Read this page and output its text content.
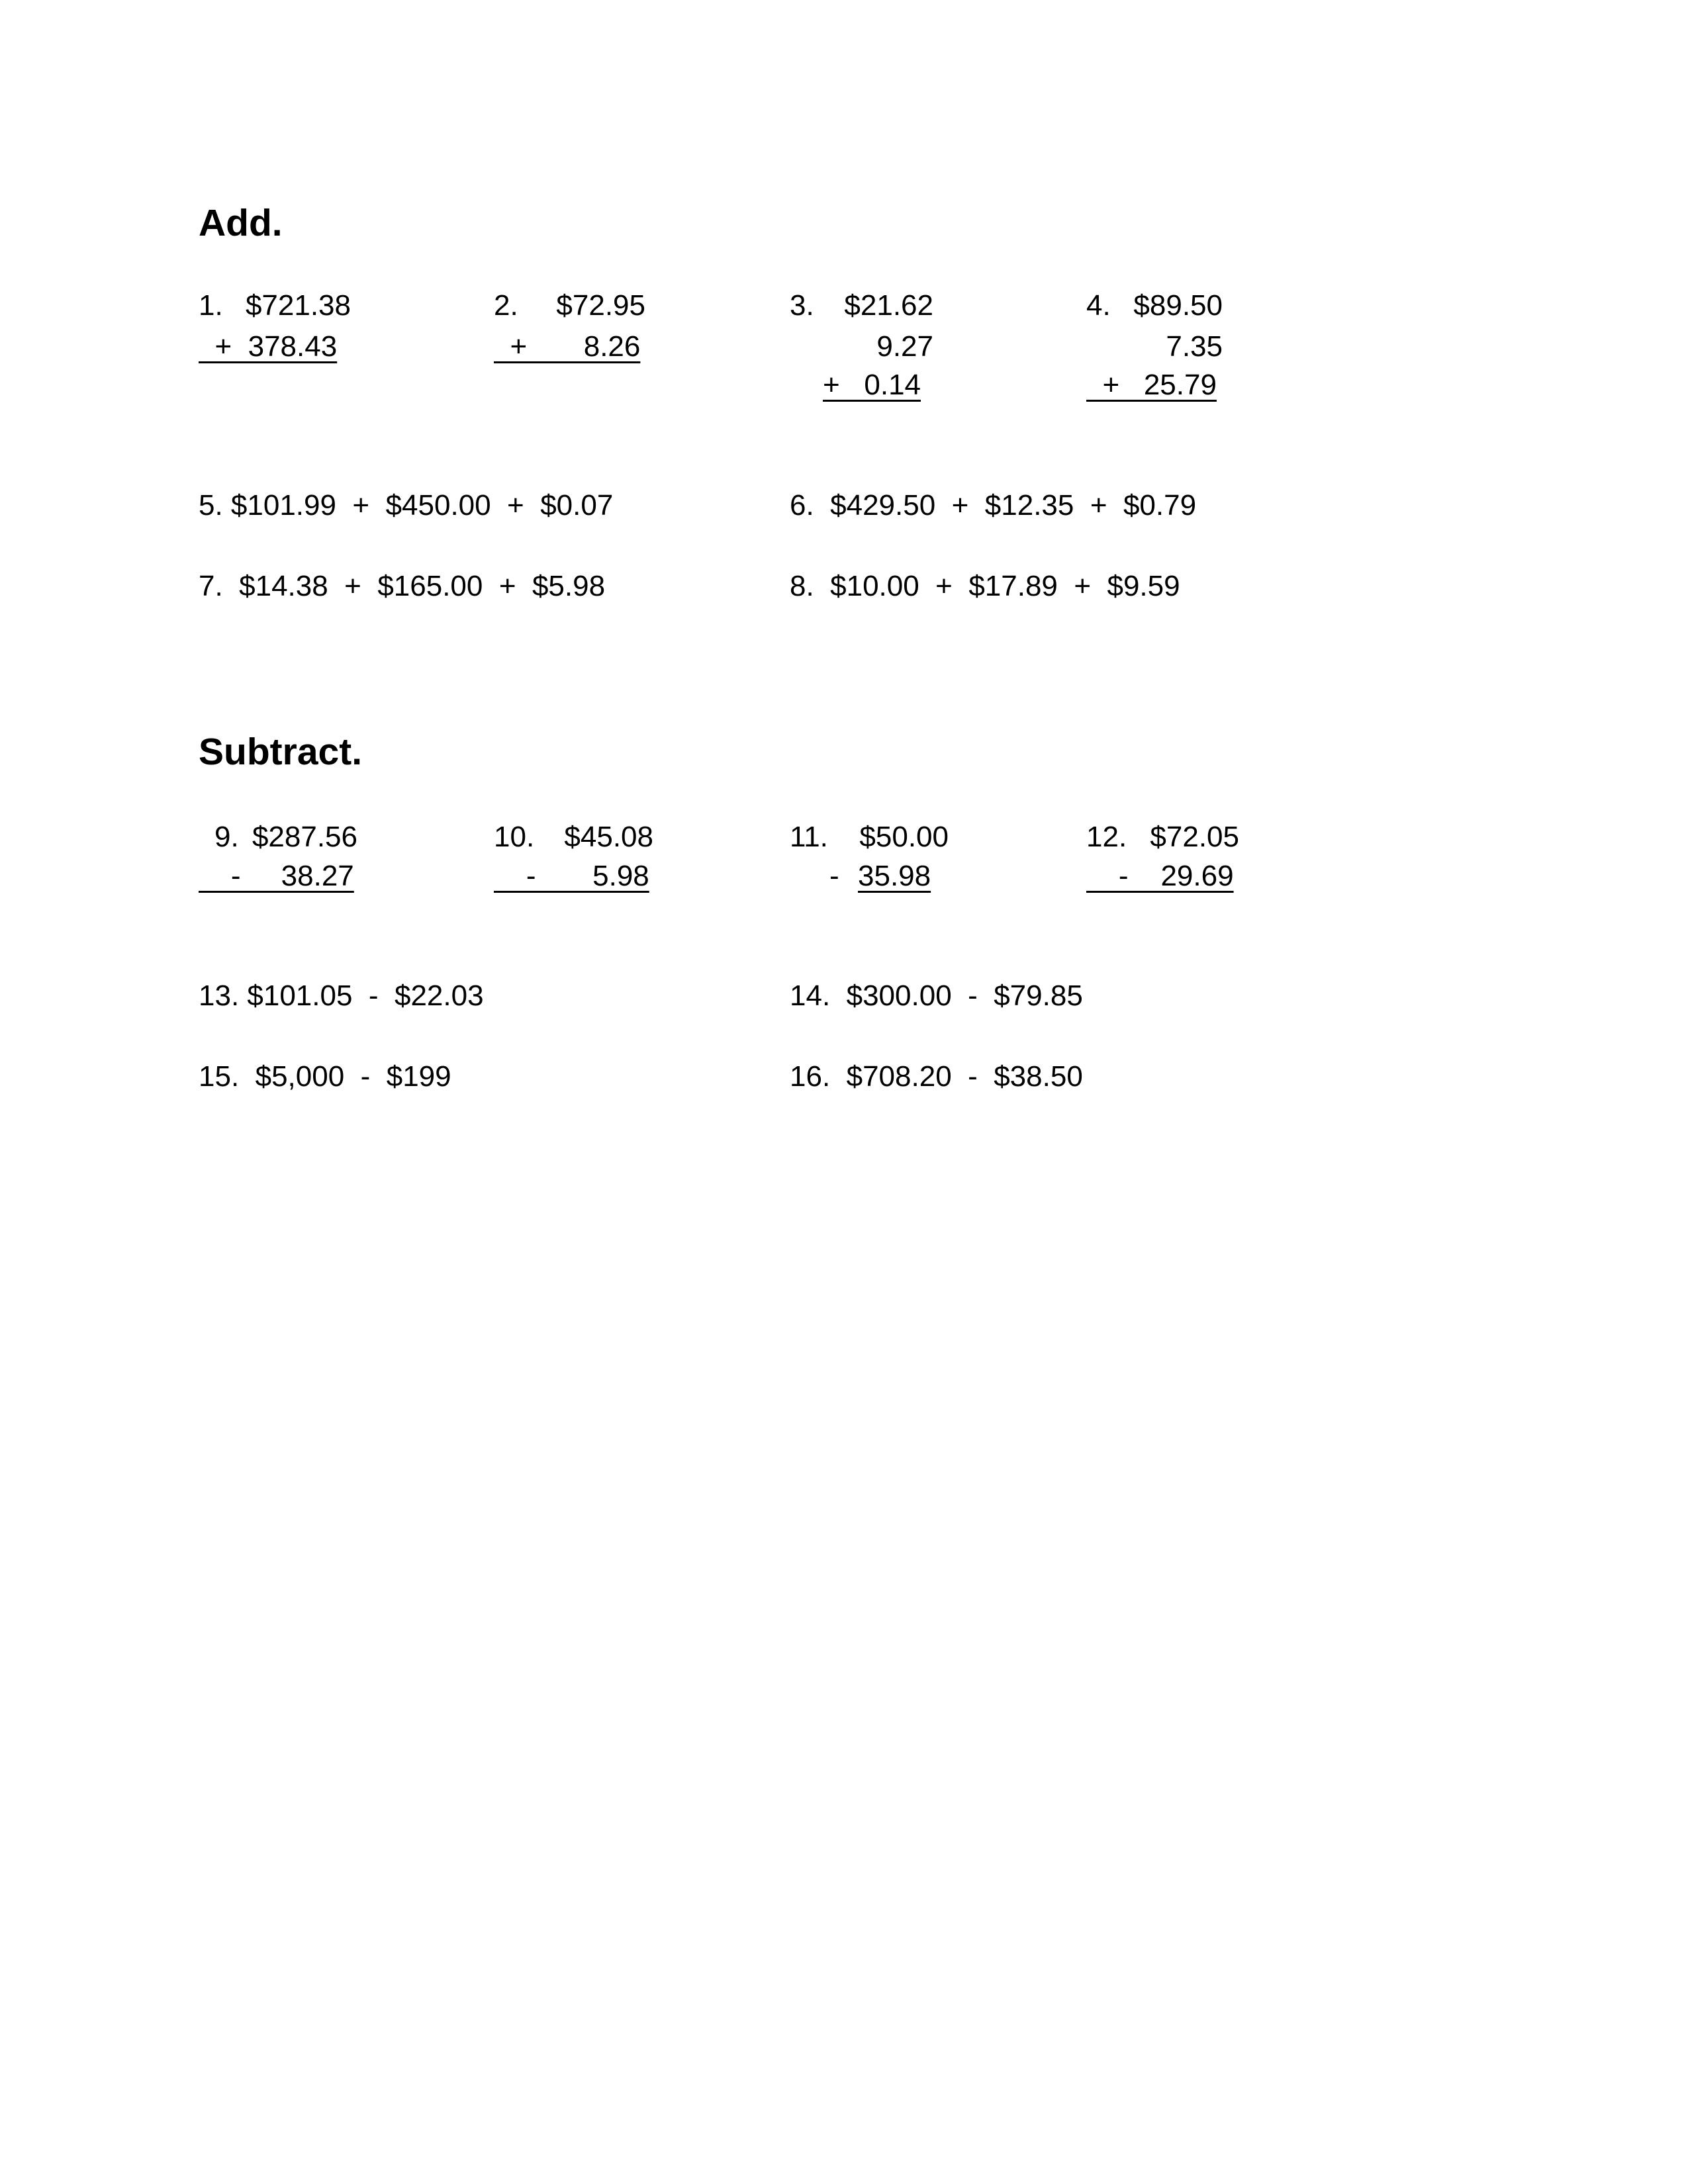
Add.
1. $721.38
+  378.43
2.	$72.95
+       8.26
3.	$21.62
9.27
+   0.14
4. $89.50
7.35
+   25.79
5. $101.99  +  $450.00  +  $0.07	6.  $429.50  +  $12.35  +  $0.79
7.  $14.38  +  $165.00  +  $5.98	8.  $10.00  +  $17.89  +  $9.59
Subtract.
9. $287.56
-     38.27
10.	$45.08
-       5.98
11.	$50.00
- 35.98
12. $72.05
-    29.69
13. $101.05  -  $22.03	14.  $300.00  -  $79.85
15.  $5,000  -  $199	16.  $708.20  -  $38.50
